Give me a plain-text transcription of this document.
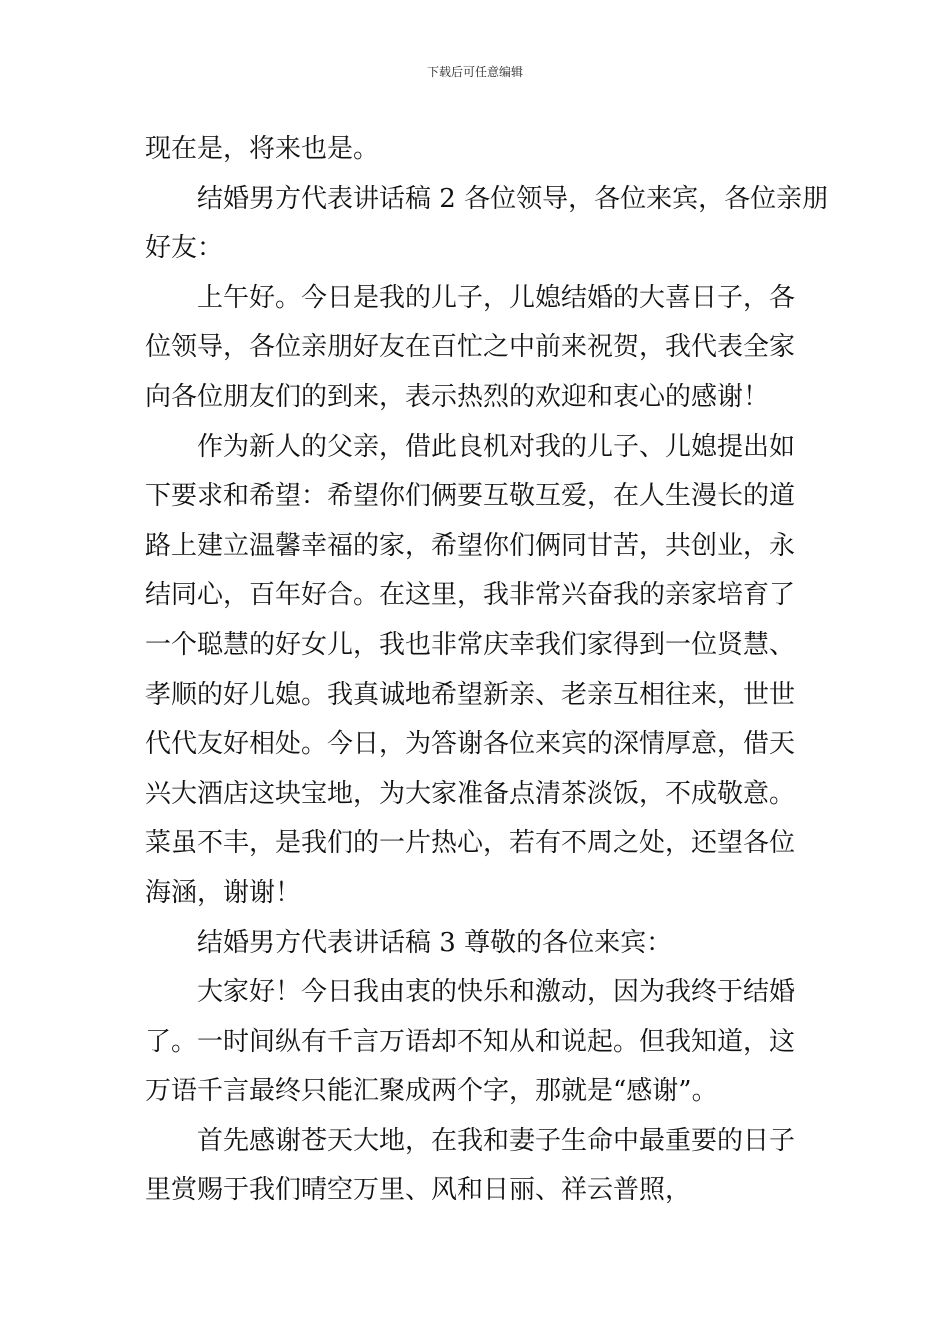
下载后可任意编辑
现在是，将来也是。
结婚男方代表讲话稿 2 各位领导，各位来宾，各位亲朋
好友：
上午好。今日是我的儿子，儿媳结婚的大喜日子，各
位领导，各位亲朋好友在百忙之中前来祝贺，我代表全家
向各位朋友们的到来，表示热烈的欢迎和衷心的感谢！
作为新人的父亲，借此良机对我的儿子、儿媳提出如
下要求和希望：希望你们俩要互敬互爱，在人生漫长的道
路上建立温馨幸福的家，希望你们俩同甘苦，共创业，永
结同心，百年好合。在这里，我非常兴奋我的亲家培育了
一个聪慧的好女儿，我也非常庆幸我们家得到一位贤慧、
孝顺的好儿媳。我真诚地希望新亲、老亲互相往来，世世
代代友好相处。今日，为答谢各位来宾的深情厚意，借天
兴大酒店这块宝地，为大家准备点清茶淡饭，不成敬意。
菜虽不丰，是我们的一片热心，若有不周之处，还望各位
海涵，谢谢！
结婚男方代表讲话稿 3 尊敬的各位来宾：
大家好！今日我由衷的快乐和激动，因为我终于结婚
了。一时间纵有千言万语却不知从和说起。但我知道，这
万语千言最终只能汇聚成两个字，那就是“感谢”。
首先感谢苍天大地，在我和妻子生命中最重要的日子
里赏赐于我们晴空万里、风和日丽、祥云普照，
